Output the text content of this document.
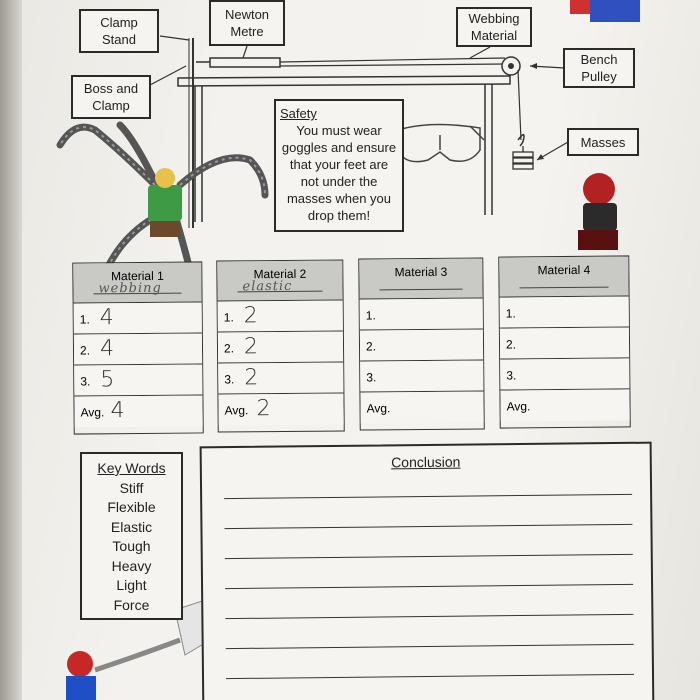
Clamp
Stand
Newton
Metre
Webbing
Material
Bench
Pulley
Boss and
Clamp
Masses
Safety
You must wear goggles and ensure that your feet are not under the masses when you drop them!
Material 1
webbing
1. 4
2. 4
3. 5
Avg. 4
Material 2
elastic
1. 2
2. 2
3. 2
Avg. 2
Material 3
1.
2.
3.
Avg.
Material 4
1.
2.
3.
Avg.
Key Words
Stiff
Flexible
Elastic
Tough
Heavy
Light
Force
Conclusion
